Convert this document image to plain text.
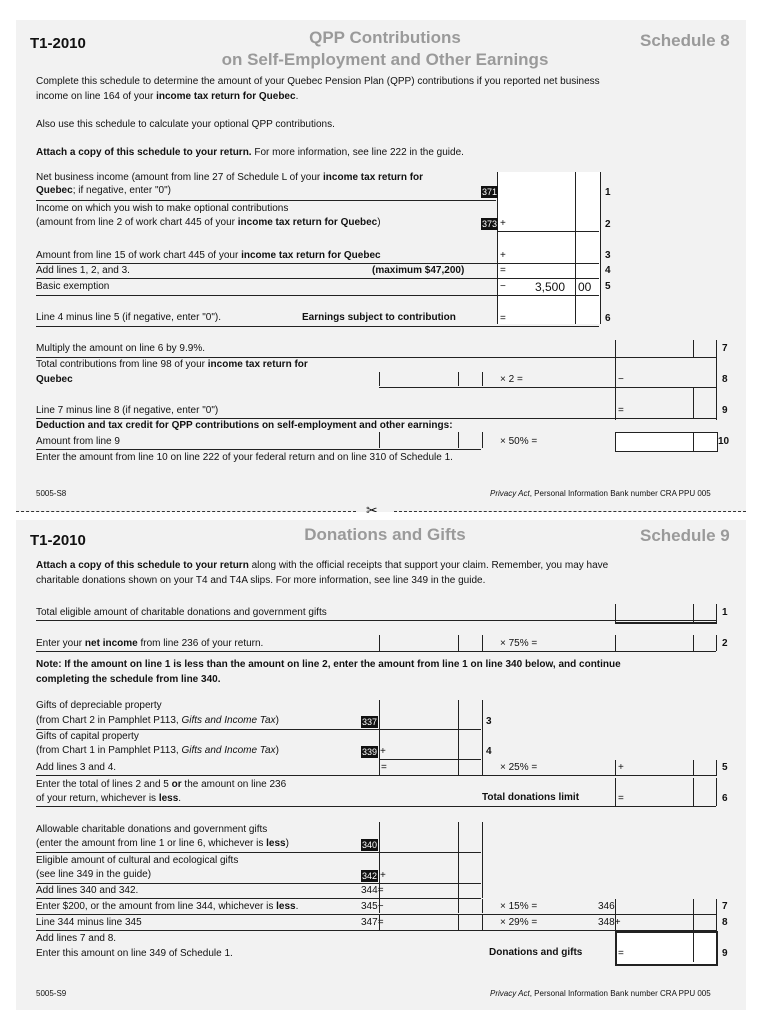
T1-2010	QPP Contributions
on Self-Employment and Other Earnings
Schedule 8
Complete this schedule to determine the amount of your Quebec Pension Plan (QPP) contributions if you reported net business
income on line 164 of your income tax return for Quebec.
Also use this schedule to calculate your optional QPP contributions.
Attach a copy of this schedule to your return. For more information, see line 222 in the guide.
Net business income (amount from line 27 of Schedule L of your income tax return for
Quebec; if negative, enter "0")	371	1
Income on which you wish to make optional contributions
(amount from line 2 of work chart 445 of your income tax return for Quebec)	373 +	2
Amount from line 15 of work chart 445 of your income tax return for Quebec	+	3
Add lines 1, 2, and 3.	(maximum $47,200)	=	4
Basic exemption	− 3,500 00 5
Line 4 minus line 5 (if negative, enter "0").	Earnings subject to contribution	=	6
Multiply the amount on line 6 by 9.9%.	7
Total contributions from line 98 of your income tax return for
Quebec	× 2 =	−	8
Line 7 minus line 8 (if negative, enter "0")	=	9
Deduction and tax credit for QPP contributions on self-employment and other earnings:
Amount from line 9	× 50% =	10
Enter the amount from line 10 on line 222 of your federal return and on line 310 of Schedule 1.
5005-S8	Privacy Act, Personal Information Bank number CRA PPU 005
✂
T1-2010	Donations and Gifts	Schedule 9
Attach a copy of this schedule to your return along with the official receipts that support your claim. Remember, you may have
charitable donations shown on your T4 and T4A slips. For more information, see line 349 in the guide.
Total eligible amount of charitable donations and government gifts	1
Enter your net income from line 236 of your return.	× 75% =	2
Note: If the amount on line 1 is less than the amount on line 2, enter the amount from line 1 on line 340 below, and continue
completing the schedule from line 340.
Gifts of depreciable property
(from Chart 2 in Pamphlet P113, Gifts and Income Tax)	337	3
Gifts of capital property
(from Chart 1 in Pamphlet P113, Gifts and Income Tax)	339 +	4
Add lines 3 and 4.	=	× 25% =	+	5
Enter the total of lines 2 and 5 or the amount on line 236
of your return, whichever is less.	Total donations limit	=	6
Allowable charitable donations and government gifts
(enter the amount from line 1 or line 6, whichever is less)	340
Eligible amount of cultural and ecological gifts
(see line 349 in the guide)	342 +
Add lines 340 and 342.	344=
Enter $200, or the amount from line 344, whichever is less.	345−	× 15% =	346	7
Line 344 minus line 345	347=	× 29% =	348+	8
Add lines 7 and 8.
Enter this amount on line 349 of Schedule 1.	Donations and gifts	=	9
5005-S9	Privacy Act, Personal Information Bank number CRA PPU 005
